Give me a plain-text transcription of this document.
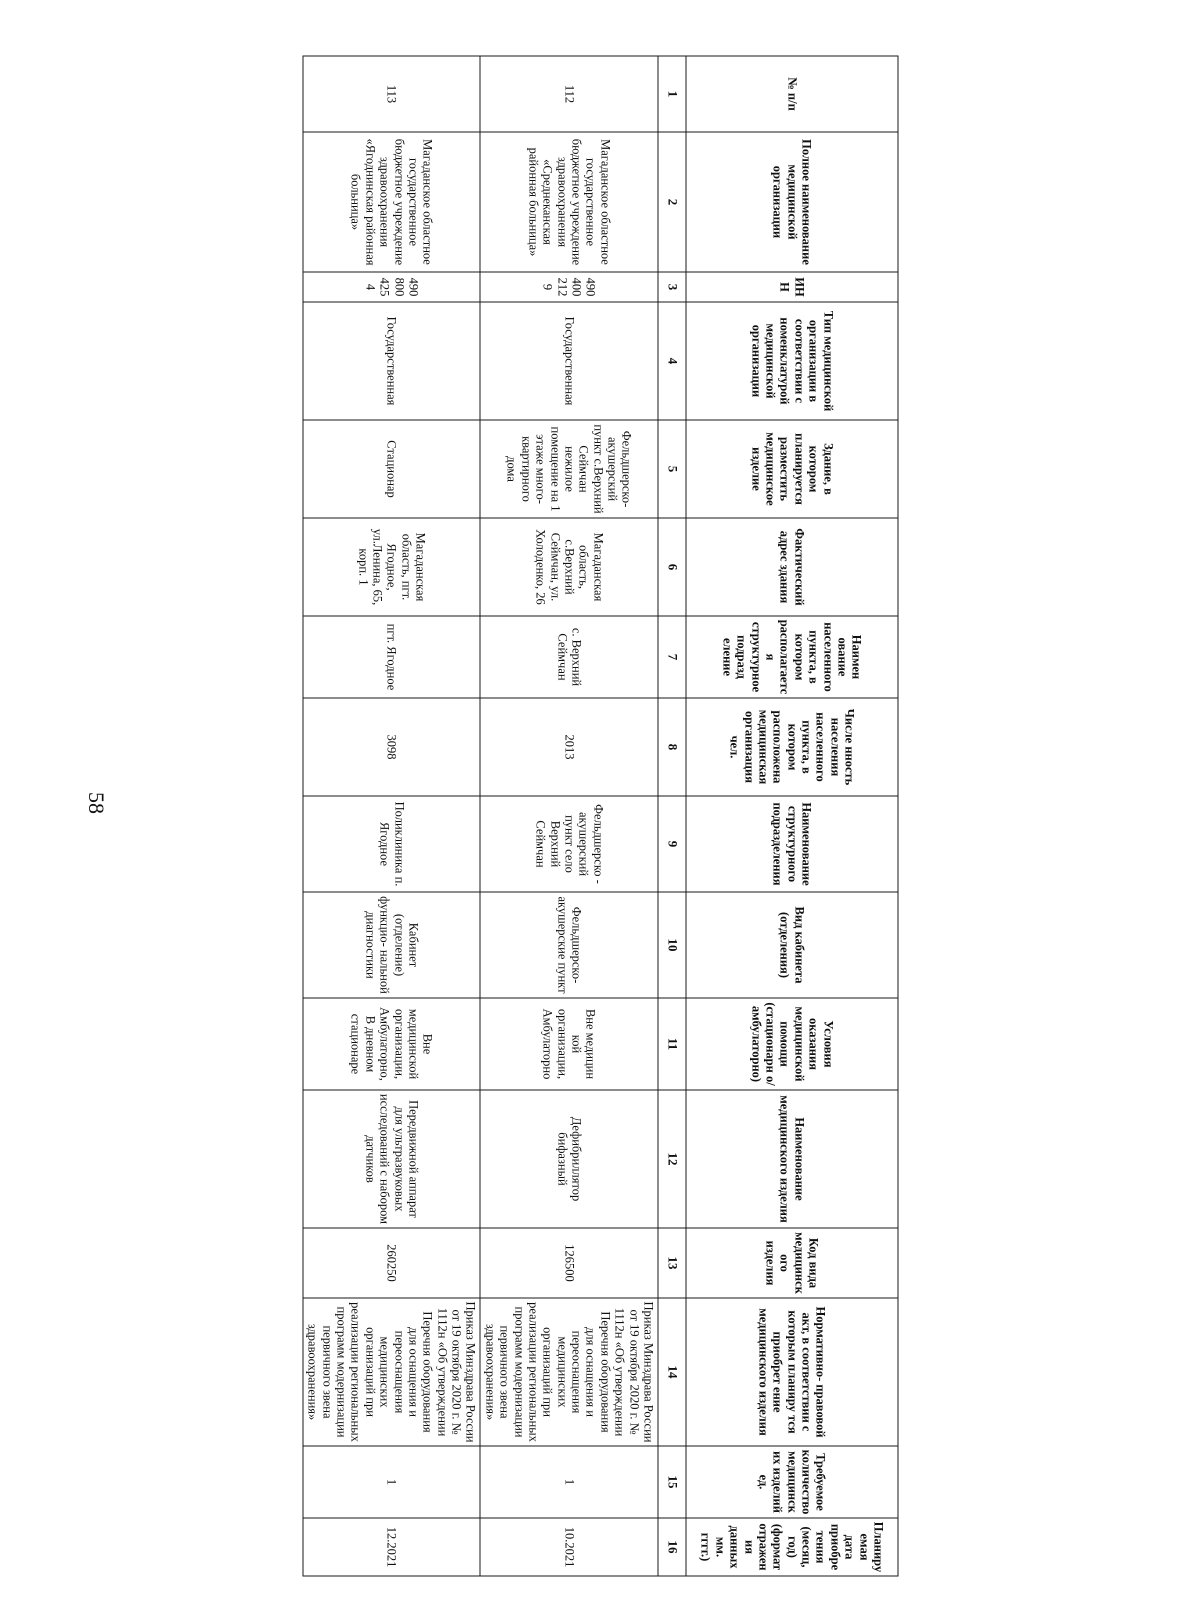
58
№ п/п	Полное наименование медицинской организации	ИНН	Тип медицинской организации в соответствии с номенклатурой медицинской организации	Здание, в котором планируется разместить медицинское изделие	Фактический адрес здания	Наимен ование населенного пункта, в котором располагается структурное подразд еление	Числе нность населения населенного пункта, в котором расположена медицинская организация чел.	Наименование структурного подразделения	Вид кабинета (отделения)	Условия оказания медицинской помощи (стационарн о/амбулаторно)	Наименование медицинского изделия	Код вида медицинского изделия	Нормативно- правовой акт, в соответствии с которым планиру тся приобрет ение медицинского изделия	Требуемое количество медицинских изделий ед.	Планируемая дата приобретения (месяц, год) (формат отражения данных мм. гггг.)
1	2	3	4	5	6	7	8	9	10	11	12	13	14	15	16
112	Магаданское областное государственное бюджетное учреждение здравоохранения «Среднеканская районная больница»	4904002129	Государственная	Фельдшерско- акушерский пункт с.Верхний Сеймчан нежилое помещение на 1 этаже много- квартирного дома	Магаданская область, с.Верхний Сеймчан, ул. Холоденко, 26	с. Верхний Сеймчан	2013	Фельдшерско - акушерский пункт село Верхний Сеймчан	Фельдшерско- акушерские пункт	Вне медицин кой организации, Амбулаторно	Дефибриллятор бифазный	126500	Приказ Минздрава России от 19 октября 2020 г. № 1112н «Об утверждении Перечня оборудования для оснащения и переоснащения медицинских организаций при реализации региональных программ модернизации первичного звена здравоохранения»	1	10.2021
113	Магаданское областное государственное бюджетное учреждение здравоохранения «Ягоднинская районная больница»	4908004254	Государственная	Стационар	Магаданская область, пгт. Ягодное, ул.Ленина, 65, корп. 1	пгт. Ягодное	3098	Поликлиника п. Ягодное	Кабинет (отделение) функцио- нальной диагностики	Вне медицинской организации, Амбулаторно, В дневном стационаре	Передвижной аппарат для ультразвуковых исследований с набором датчиков	260250	Приказ Минздрава России от 19 октября 2020 г. № 1112н «Об утверждении Перечня оборудования для оснащения и переоснащения медицинских организаций при реализации региональных программ модернизации первичного звена здравоохранения»	1	12.2021
